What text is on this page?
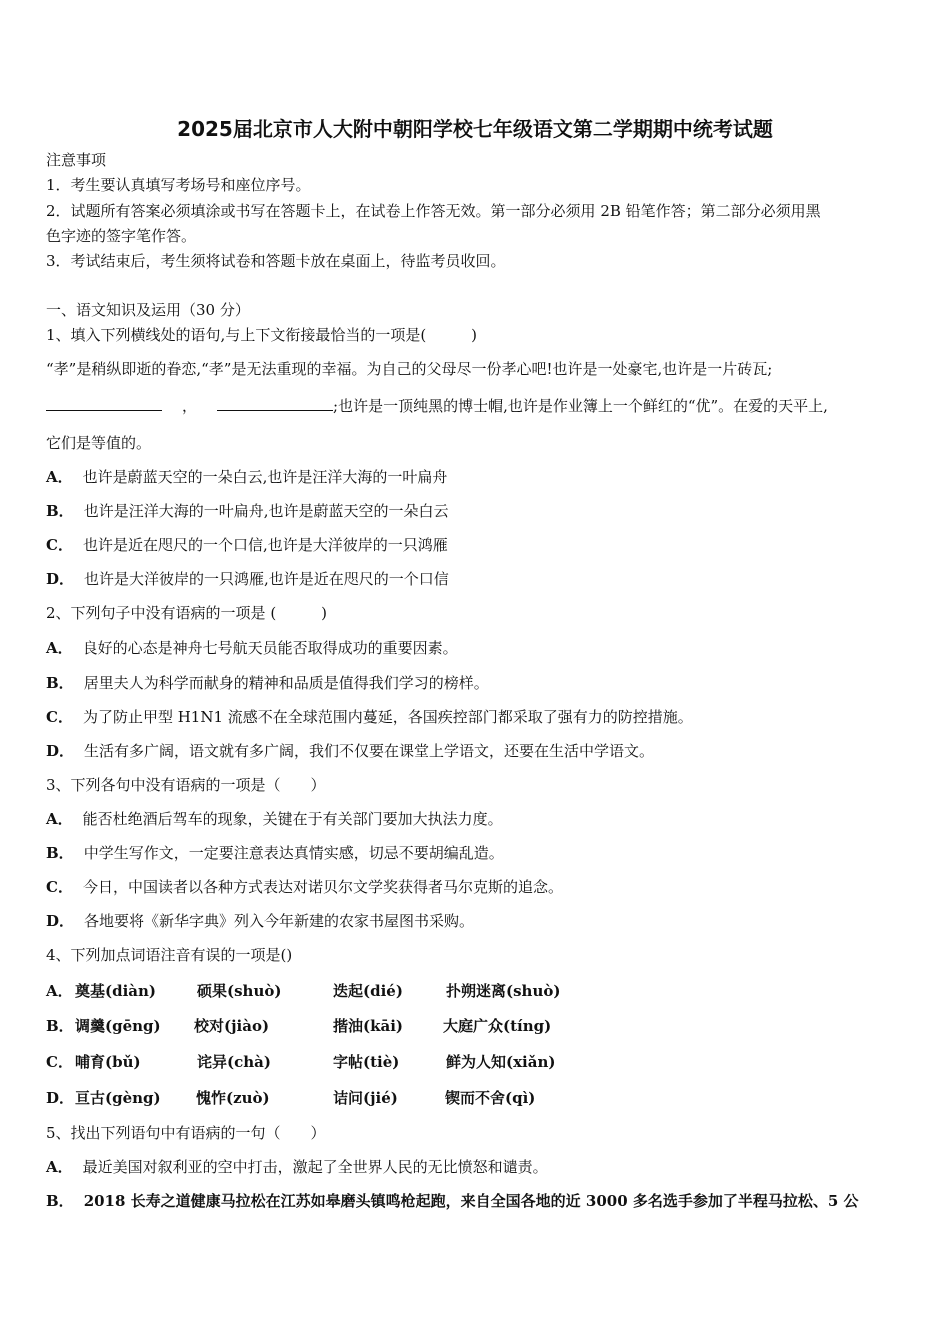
2025届北京市人大附中朝阳学校七年级语文第二学期期中统考试题
注意事项
1．考生要认真填写考场号和座位序号。
2．试题所有答案必须填涂或书写在答题卡上，在试卷上作答无效。第一部分必须用 2B 铅笔作答；第二部分必须用黑
色字迹的签字笔作答。
3．考试结束后，考生须将试卷和答题卡放在桌面上，待监考员收回。
一、语文知识及运用（30 分）
1、填入下列横线处的语句,与上下文衔接最恰当的一项是(　　　)
“孝”是稍纵即逝的眷恋,“孝”是无法重现的幸福。为自己的父母尽一份孝心吧!也许是一处豪宅,也许是一片砖瓦;
，	;也许是一顶纯黑的博士帽,也许是作业簿上一个鲜红的“优”。在爱的天平上,
它们是等值的。
A． 也许是蔚蓝天空的一朵白云,也许是汪洋大海的一叶扁舟
B． 也许是汪洋大海的一叶扁舟,也许是蔚蓝天空的一朵白云
C． 也许是近在咫尺的一个口信,也许是大洋彼岸的一只鸿雁
D． 也许是大洋彼岸的一只鸿雁,也许是近在咫尺的一个口信
2、下列句子中没有语病的一项是 (　　　)
A． 良好的心态是神舟七号航天员能否取得成功的重要因素。
B． 居里夫人为科学而献身的精神和品质是值得我们学习的榜样。
C． 为了防止甲型 H1N1 流感不在全球范围内蔓延，各国疾控部门都采取了强有力的防控措施。
D． 生活有多广阔，语文就有多广阔，我们不仅要在课堂上学语文，还要在生活中学语文。
3、下列各句中没有语病的一项是（　　）
A． 能否杜绝酒后驾车的现象，关键在于有关部门要加大执法力度。
B． 中学生写作文，一定要注意表达真情实感，切忌不要胡编乱造。
C． 今日，中国读者以各种方式表达对诺贝尔文学奖获得者马尔克斯的追念。
D． 各地要将《新华字典》列入今年新建的农家书屋图书采购。
4、下列加点词语注音有误的一项是()
A． 奠基(diàn)	硕果(shuò)	迭起(dié)	扑朔迷离(shuò)
B． 调羹(gēng) 校对(jiào)	揩油(kāi)	大庭广众(tíng)
C． 哺育(bǔ)	诧异(chà)	字帖(tiè)	鲜为人知(xiǎn)
D． 亘古(gèng) 愧怍(zuò)	诘问(jié)	锲而不舍(qì)
5、找出下列语句中有语病的一句（　　）
A． 最近美国对叙利亚的空中打击，激起了全世界人民的无比愤怒和谴责。
B． 2018 长寿之道健康马拉松在江苏如皋磨头镇鸣枪起跑，来自全国各地的近 3000 多名选手参加了半程马拉松、5 公
